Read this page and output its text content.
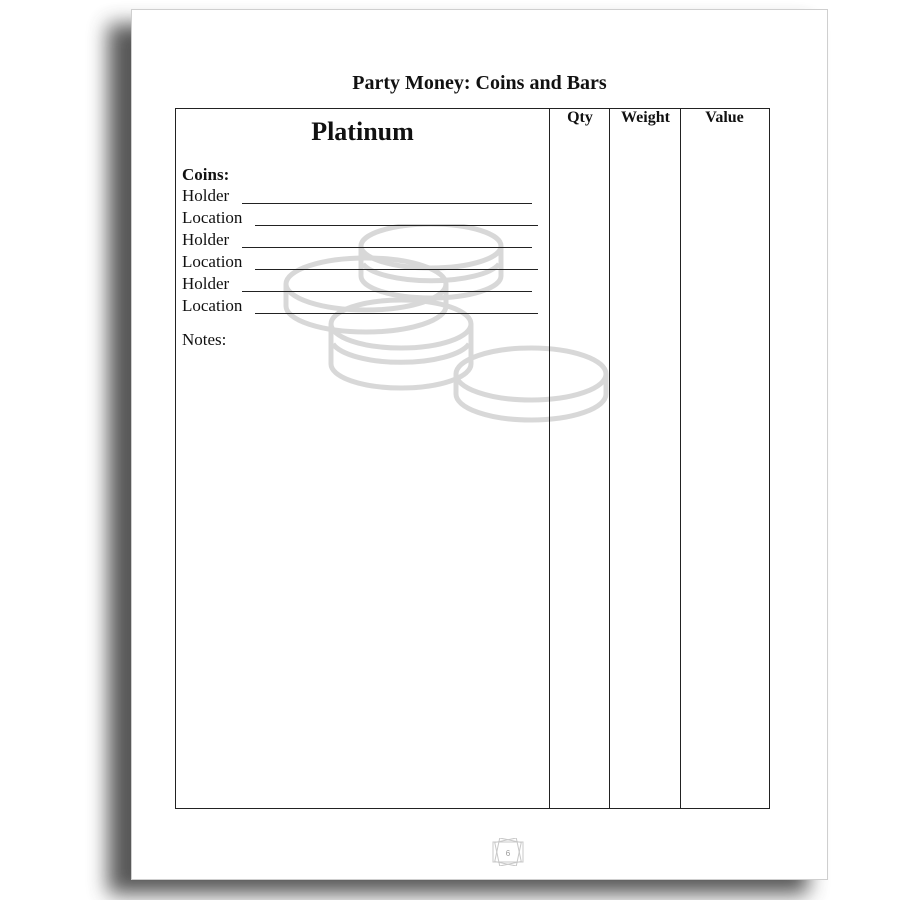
Party Money: Coins and Bars
Platinum
Coins:
Holder
Location
Holder
Location
Holder
Location
Notes:
Qty	Weight	Value
6
